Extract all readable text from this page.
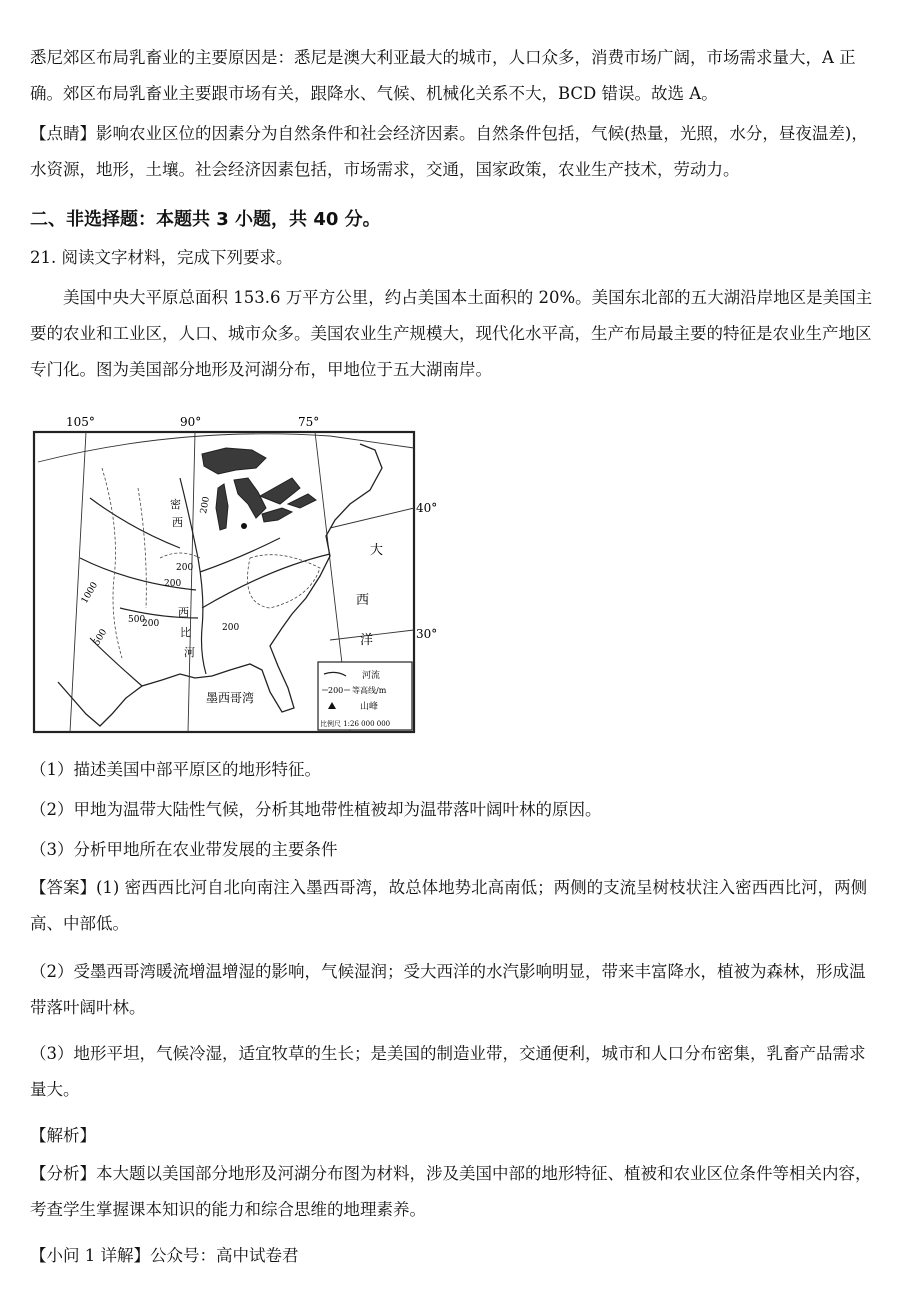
悉尼郊区布局乳畜业的主要原因是：悉尼是澳大利亚最大的城市，人口众多，消费市场广阔，市场需求量大，A 正确。郊区布局乳畜业主要跟市场有关，跟降水、气候、机械化关系不大，BCD 错误。故选 A。

【点睛】影响农业区位的因素分为自然条件和社会经济因素。自然条件包括，气候(热量，光照，水分，昼夜温差)，水资源，地形，土壤。社会经济因素包括，市场需求，交通，国家政策，农业生产技术，劳动力。

二、非选择题：本题共 3 小题，共 40 分。

21. 阅读文字材料，完成下列要求。

美国中央大平原总面积 153.6 万平方公里，约占美国本土面积的 20%。美国东北部的五大湖沿岸地区是美国主要的农业和工业区，人口、城市众多。美国农业生产规模大，现代化水平高，生产布局最主要的特征是农业生产地区专门化。图为美国部分地形及河湖分布，甲地位于五大湖南岸。

105°	90°	75°
40°
30°
200
200
1000
500
500
200
200
200
密
西
西
比
河
大
西
洋
墨西哥湾
河流
200 等高线/m
山峰
比例尺 1:26 000 000

（1）描述美国中部平原区的地形特征。

（2）甲地为温带大陆性气候，分析其地带性植被却为温带落叶阔叶林的原因。

（3）分析甲地所在农业带发展的主要条件

【答案】(1) 密西西比河自北向南注入墨西哥湾，故总体地势北高南低；两侧的支流呈树枝状注入密西西比河，两侧高、中部低。

（2）受墨西哥湾暖流增温增湿的影响，气候湿润；受大西洋的水汽影响明显，带来丰富降水，植被为森林，形成温带落叶阔叶林。

（3）地形平坦，气候冷湿，适宜牧草的生长；是美国的制造业带，交通便利，城市和人口分布密集，乳畜产品需求量大。

【解析】

【分析】本大题以美国部分地形及河湖分布图为材料，涉及美国中部的地形特征、植被和农业区位条件等相关内容，考查学生掌握课本知识的能力和综合思维的地理素养。

【小问 1 详解】公众号：高中试卷君
